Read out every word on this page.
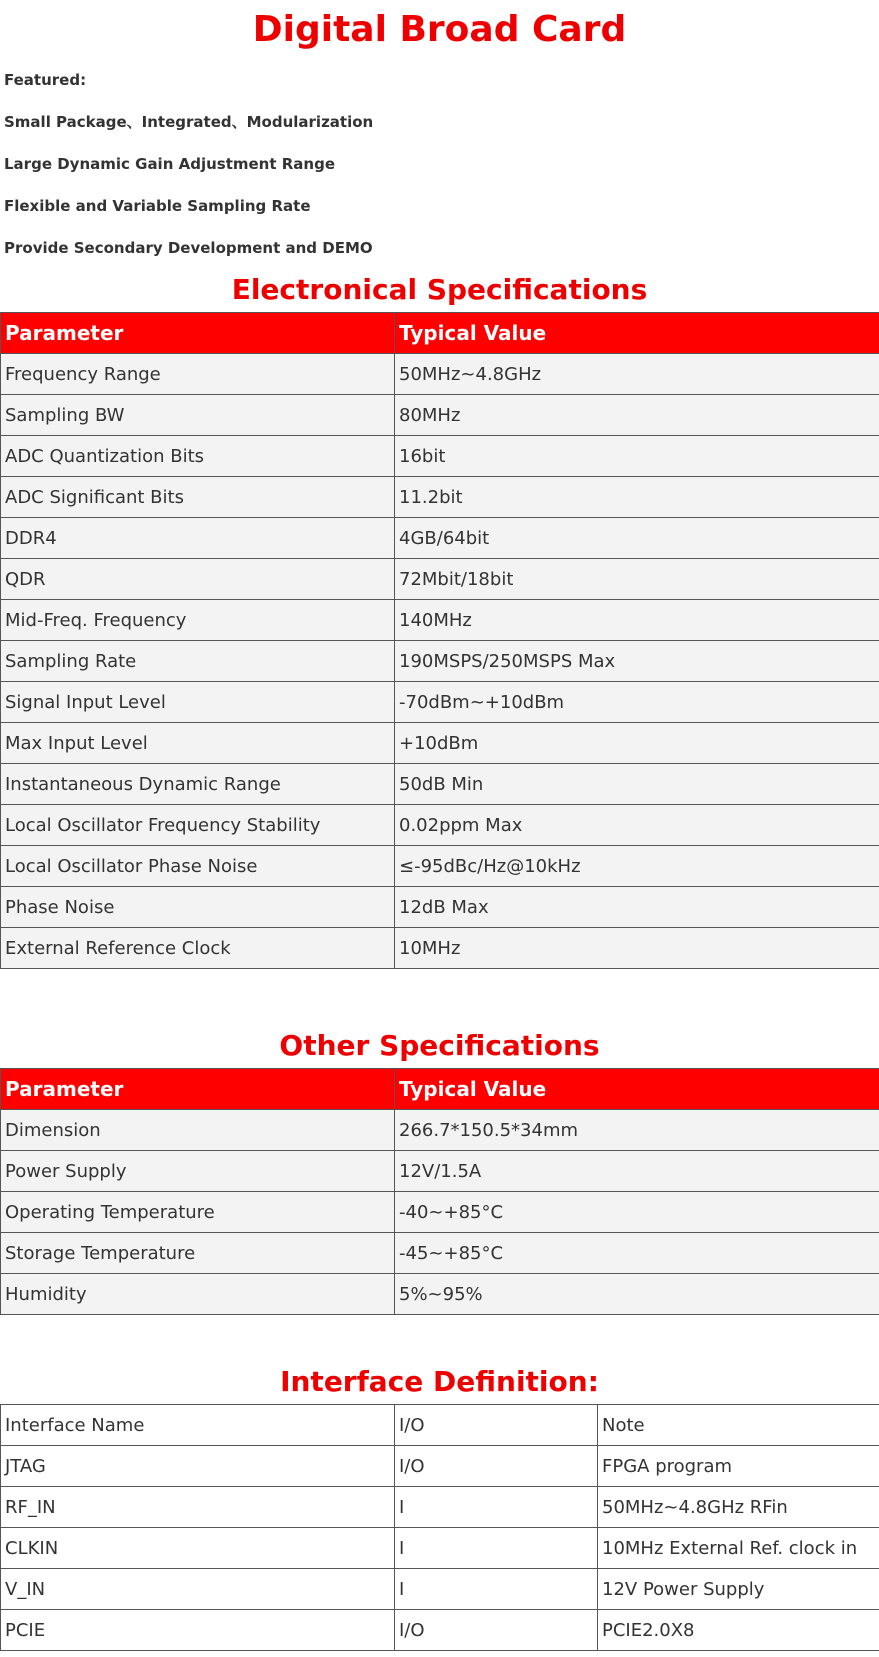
Digital Broad Card
Featured:
Small Package、Integrated、Modularization
Large Dynamic Gain Adjustment Range
Flexible and Variable Sampling Rate
Provide Secondary Development and DEMO
Electronical Specifications
Parameter	Typical Value
Frequency Range	50MHz~4.8GHz
Sampling BW	80MHz
ADC Quantization Bits	16bit
ADC Significant Bits	11.2bit
DDR4	4GB/64bit
QDR	72Mbit/18bit
Mid-Freq. Frequency	140MHz
Sampling Rate	190MSPS/250MSPS Max
Signal Input Level	-70dBm~+10dBm
Max Input Level	+10dBm
Instantaneous Dynamic Range	50dB Min
Local Oscillator Frequency Stability	0.02ppm Max
Local Oscillator Phase Noise	≤-95dBc/Hz@10kHz
Phase Noise	12dB Max
External Reference Clock	10MHz
Other Specifications
Parameter	Typical Value
Dimension	266.7*150.5*34mm
Power Supply	12V/1.5A
Operating Temperature	-40~+85°C
Storage Temperature	-45~+85°C
Humidity	5%~95%
Interface Definition:
Interface Name	I/O	Note
JTAG	I/O	FPGA program
RF_IN	I	50MHz~4.8GHz RFin
CLKIN	I	10MHz External Ref. clock in
V_IN	I	12V Power Supply
PCIE	I/O	PCIE2.0X8
